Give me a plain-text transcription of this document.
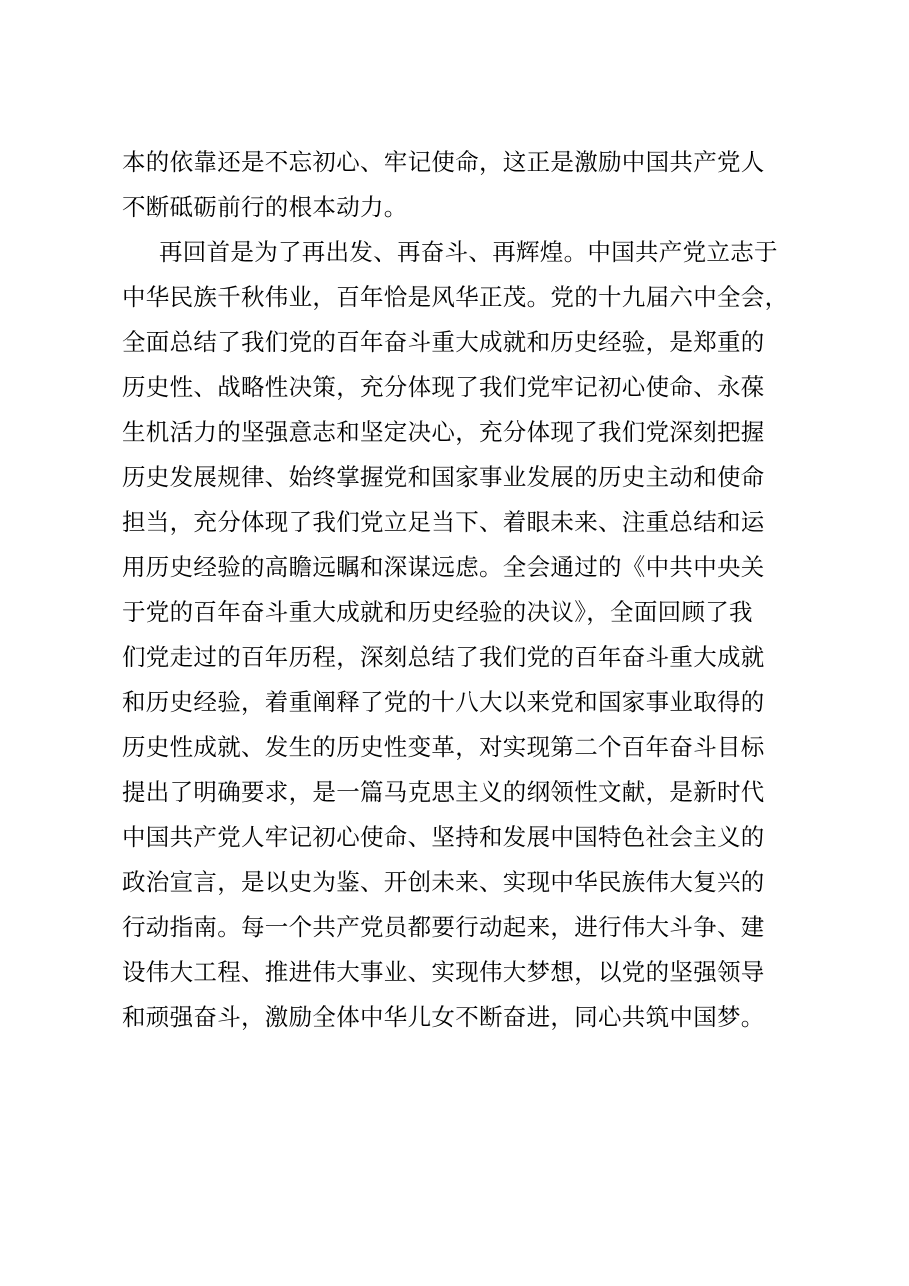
本的依靠还是不忘初心、牢记使命，这正是激励中国共产党人
不断砥砺前行的根本动力。
再回首是为了再出发、再奋斗、再辉煌。中国共产党立志于
中华民族千秋伟业，百年恰是风华正茂。党的十九届六中全会，
全面总结了我们党的百年奋斗重大成就和历史经验，是郑重的
历史性、战略性决策，充分体现了我们党牢记初心使命、永葆
生机活力的坚强意志和坚定决心，充分体现了我们党深刻把握
历史发展规律、始终掌握党和国家事业发展的历史主动和使命
担当，充分体现了我们党立足当下、着眼未来、注重总结和运
用历史经验的高瞻远瞩和深谋远虑。全会通过的《中共中央关
于党的百年奋斗重大成就和历史经验的决议》，全面回顾了我
们党走过的百年历程，深刻总结了我们党的百年奋斗重大成就
和历史经验，着重阐释了党的十八大以来党和国家事业取得的
历史性成就、发生的历史性变革，对实现第二个百年奋斗目标
提出了明确要求，是一篇马克思主义的纲领性文献，是新时代
中国共产党人牢记初心使命、坚持和发展中国特色社会主义的
政治宣言，是以史为鉴、开创未来、实现中华民族伟大复兴的
行动指南。每一个共产党员都要行动起来，进行伟大斗争、建
设伟大工程、推进伟大事业、实现伟大梦想，以党的坚强领导
和顽强奋斗，激励全体中华儿女不断奋进，同心共筑中国梦。
